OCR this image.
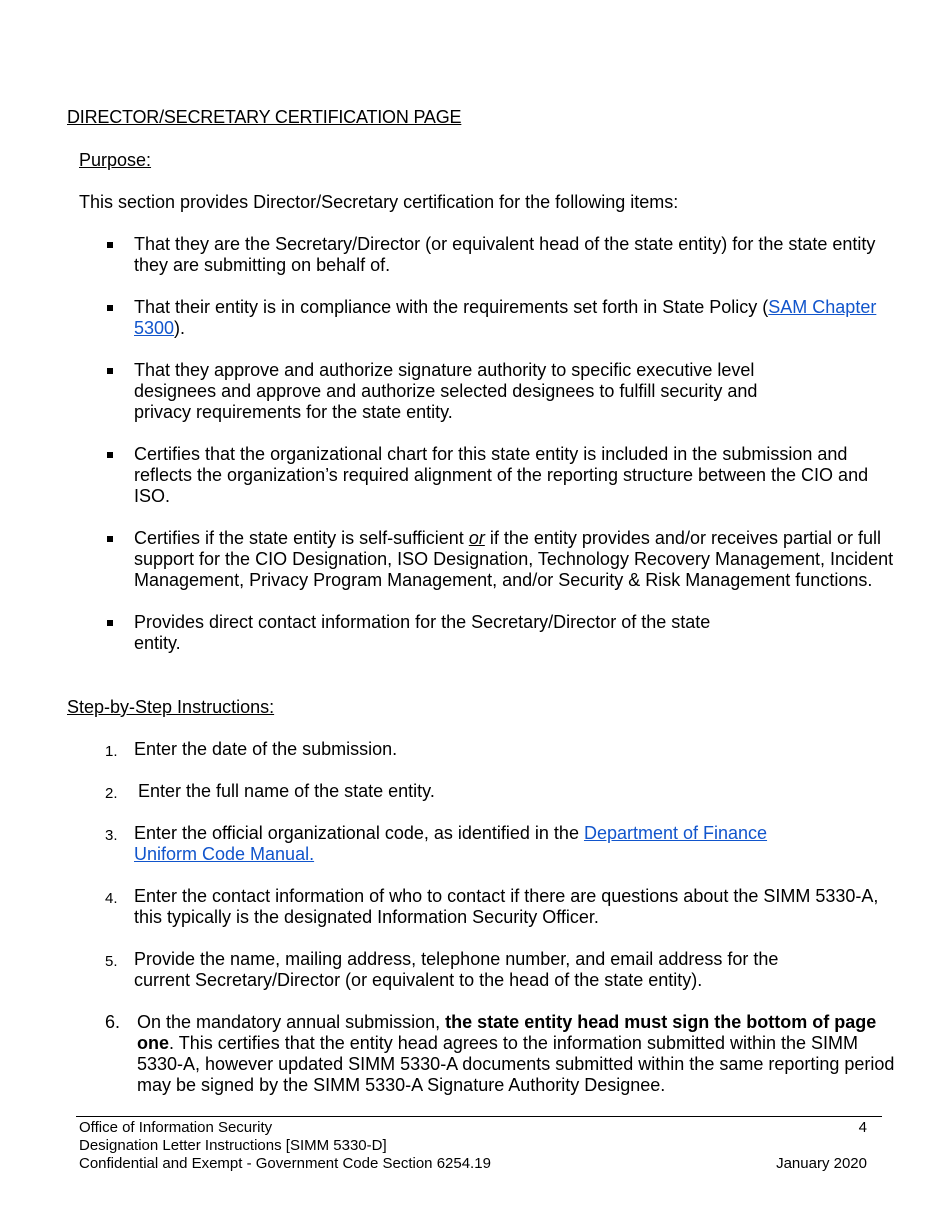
DIRECTOR/SECRETARY CERTIFICATION PAGE
Purpose:
This section provides Director/Secretary certification for the following items:
That they are the Secretary/Director (or equivalent head of the state entity) for the state entity they are submitting on behalf of.
That their entity is in compliance with the requirements set forth in State Policy (SAM Chapter 5300).
That they approve and authorize signature authority to specific executive level designees and approve and authorize selected designees to fulfill security and privacy requirements for the state entity.
Certifies that the organizational chart for this state entity is included in the submission and reflects the organization’s required alignment of the reporting structure between the CIO and ISO.
Certifies if the state entity is self-sufficient or if the entity provides and/or receives partial or full support for the CIO Designation, ISO Designation, Technology Recovery Management, Incident Management, Privacy Program Management, and/or Security & Risk Management functions.
Provides direct contact information for the Secretary/Director of the state entity.
Step-by-Step Instructions:
1. Enter the date of the submission.
2. Enter the full name of the state entity.
3. Enter the official organizational code, as identified in the Department of Finance Uniform Code Manual.
4. Enter the contact information of who to contact if there are questions about the SIMM 5330-A, this typically is the designated Information Security Officer.
5. Provide the name, mailing address, telephone number, and email address for the current Secretary/Director (or equivalent to the head of the state entity).
6. On the mandatory annual submission, the state entity head must sign the bottom of page one. This certifies that the entity head agrees to the information submitted within the SIMM 5330-A, however updated SIMM 5330-A documents submitted within the same reporting period may be signed by the SIMM 5330-A Signature Authority Designee.
Office of Information Security
Designation Letter Instructions [SIMM 5330-D]
Confidential and Exempt - Government Code Section 6254.19
4
January 2020
